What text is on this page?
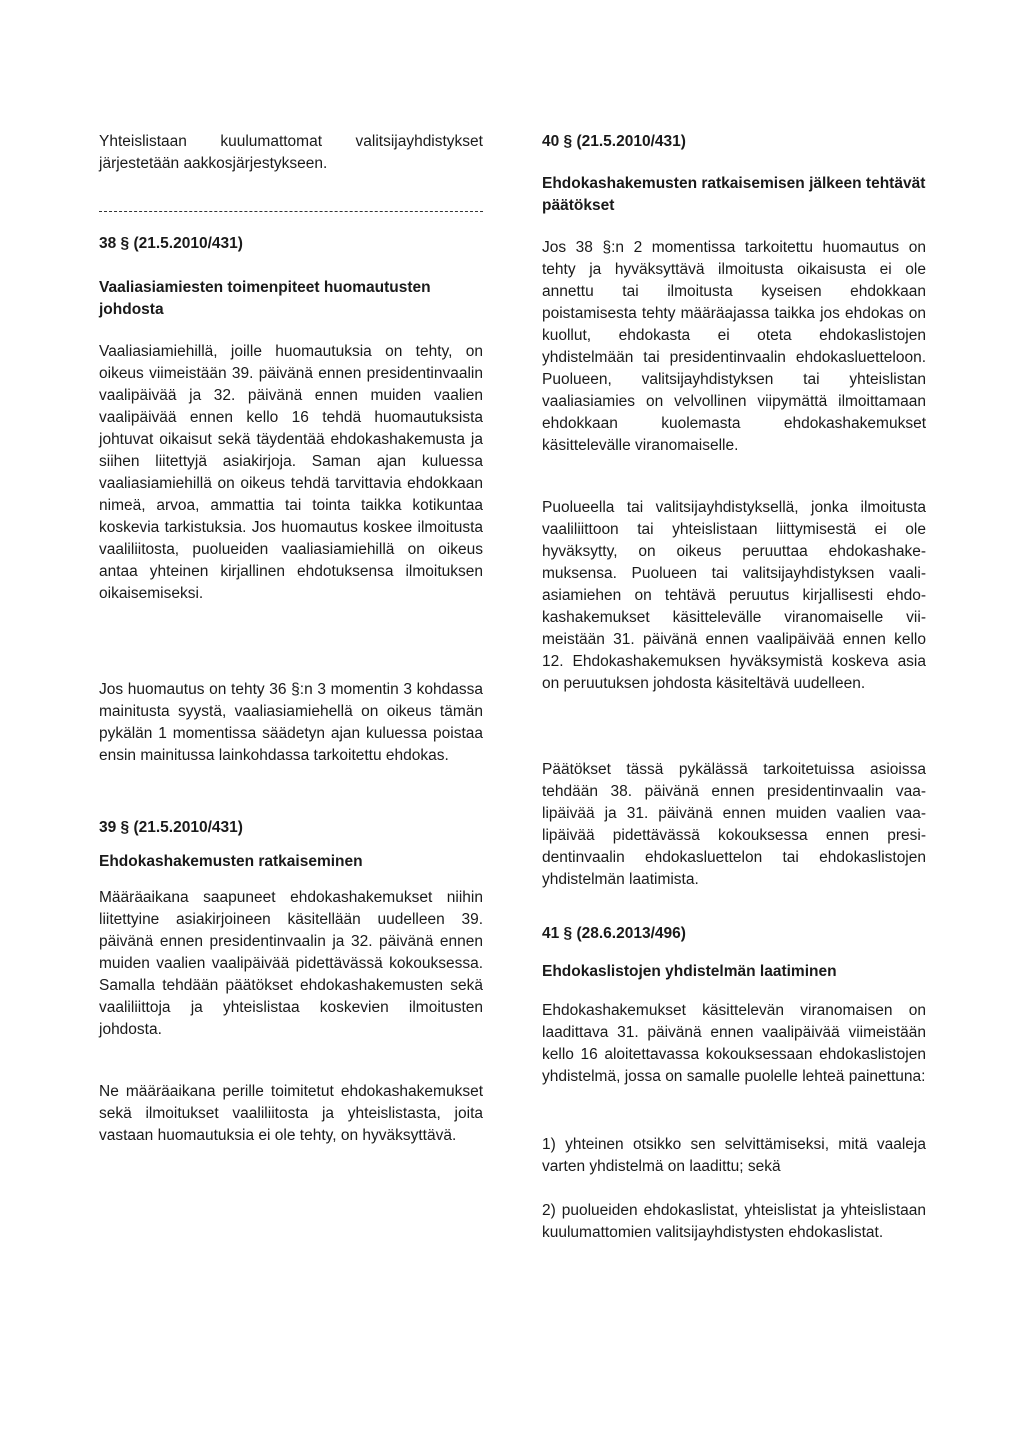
Yhteislistaan kuulumattomat valitsijayhdistykset järjestetään aakkosjärjestykseen.

38 § (21.5.2010/431)
Vaaliasiamiesten toimenpiteet huomautusten johdosta

Vaaliasiamiehillä, joille huomautuksia on tehty, on oikeus viimeistään 39. päivänä ennen presidentinvaalin vaalipäivää ja 32. päivänä ennen muiden vaalien vaalipäivää ennen kello 16 tehdä huomautuksista johtuvat oikaisut sekä täydentää ehdokashakemusta ja siihen liitettyjä asiakirjoja. Saman ajan kuluessa vaaliasiamiehillä on oikeus tehdä tarvittavia ehdokkaan nimeä, arvoa, ammattia tai tointa taikka kotikuntaa koskevia tarkistuksia. Jos huomautus koskee ilmoitusta vaaliliitosta, puolueiden vaaliasiamiehillä on oikeus antaa yhteinen kirjallinen ehdotuksensa ilmoituksen oikaisemiseksi.

Jos huomautus on tehty 36 §:n 3 momentin 3 kohdassa mainitusta syystä, vaaliasiamiehellä on oikeus tämän pykälän 1 momentissa säädetyn ajan kuluessa poistaa ensin mainitussa lainkohdassa tarkoitettu ehdokas.

39 § (21.5.2010/431)
Ehdokashakemusten ratkaiseminen

Määräaikana saapuneet ehdokashakemukset niihin liitettyine asiakirjoineen käsitellään uudelleen 39. päivänä ennen presidentinvaalin ja 32. päivänä ennen muiden vaalien vaalipäivää pidettävässä kokouksessa. Samalla tehdään päätökset ehdokashakemusten sekä vaaliliittoja ja yhteislistaa koskevien ilmoitusten johdosta.

Ne määräaikana perille toimitetut ehdokashakemukset sekä ilmoitukset vaaliliitosta ja yhteislistasta, joita vastaan huomautuksia ei ole tehty, on hyväksyttävä.

40 § (21.5.2010/431)
Ehdokashakemusten ratkaisemisen jälkeen tehtävät päätökset

Jos 38 §:n 2 momentissa tarkoitettu huomautus on tehty ja hyväksyttävä ilmoitusta oikaisusta ei ole annettu tai ilmoitusta kyseisen ehdokkaan poistamisesta tehty määräajassa taikka jos ehdokas on kuollut, ehdokasta ei oteta ehdokaslistojen yhdistelmään tai presidentinvaalin ehdokasluetteloon. Puolueen, valitsijayhdistyksen tai yhteislistan vaaliasiamies on velvollinen viipymättä ilmoittamaan ehdokkaan kuolemasta ehdokashakemukset käsittelevälle viranomaiselle.

Puolueella tai valitsijayhdistyksellä, jonka ilmoitusta vaaliliittoon tai yhteislistaan liittymisestä ei ole hyväksytty, on oikeus peruuttaa ehdokashakemuksensa. Puolueen tai valitsijayhdistyksen vaaliasiamiehen on tehtävä peruutus kirjallisesti ehdokashakemukset käsittelevälle viranomaiselle viimeistään 31. päivänä ennen vaalipäivää ennen kello 12. Ehdokashakemuksen hyväksymistä koskeva asia on peruutuksen johdosta käsiteltävä uudelleen.

Päätökset tässä pykälässä tarkoitetuissa asioissa tehdään 38. päivänä ennen presidentinvaalin vaalipäivää ja 31. päivänä ennen muiden vaalien vaalipäivää pidettävässä kokouksessa ennen presidentinvaalin ehdokasluettelon tai ehdokaslistojen yhdistelmän laatimista.

41 § (28.6.2013/496)
Ehdokaslistojen yhdistelmän laatiminen

Ehdokashakemukset käsittelevän viranomaisen on laadittava 31. päivänä ennen vaalipäivää viimeistään kello 16 aloitettavassa kokouksessaan ehdokaslistojen yhdistelmä, jossa on samalle puolelle lehteä painettuna:

1) yhteinen otsikko sen selvittämiseksi, mitä vaaleja varten yhdistelmä on laadittu; sekä

2) puolueiden ehdokaslistat, yhteislistat ja yhteislistaan kuulumattomien valitsijayhdistysten ehdokaslistat.
